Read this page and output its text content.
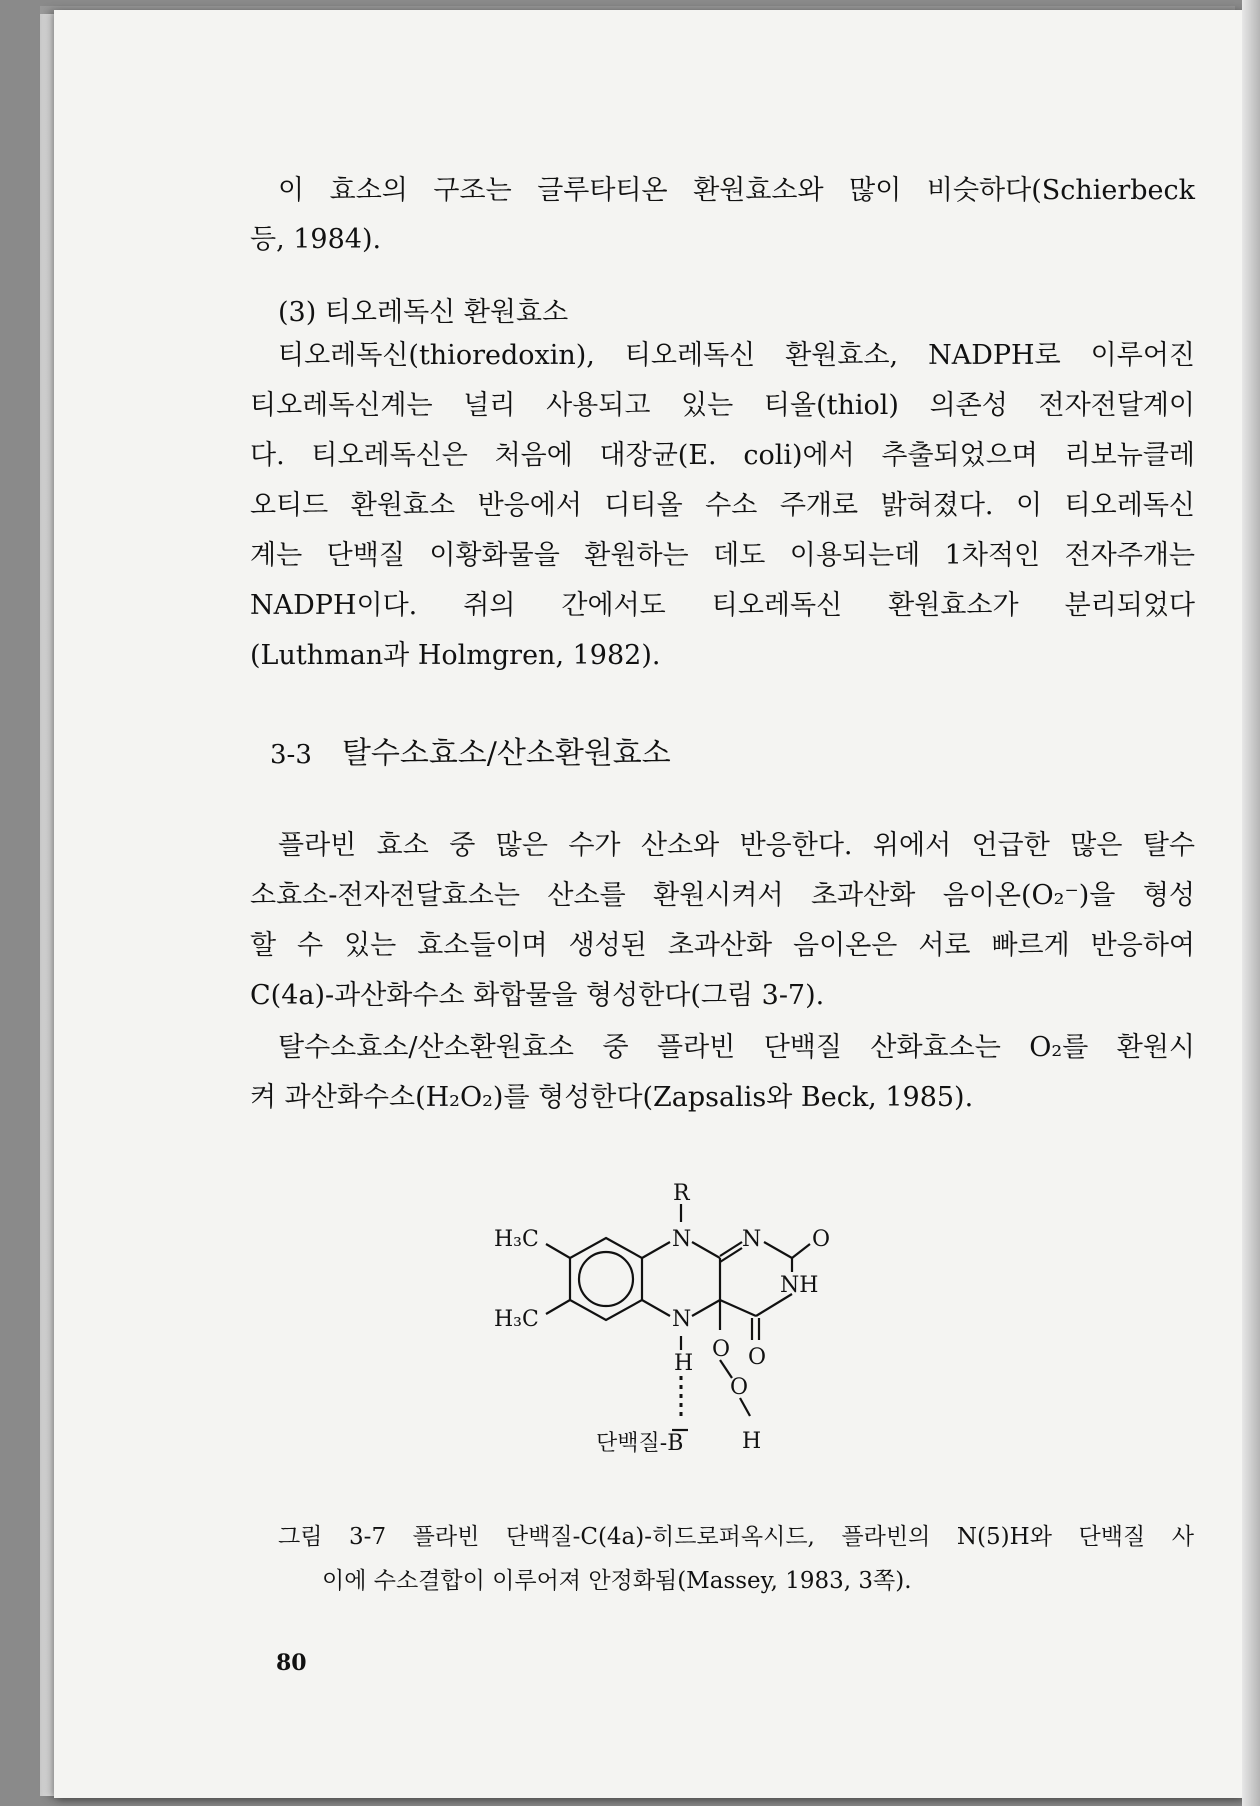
이 효소의 구조는 글루타티온 환원효소와 많이 비슷하다(Schierbeck
등, 1984).
(3) 티오레독신 환원효소
티오레독신(thioredoxin), 티오레독신 환원효소, NADPH로 이루어진
티오레독신계는 널리 사용되고 있는 티올(thiol) 의존성 전자전달계이
다. 티오레독신은 처음에 대장균(E. coli)에서 추출되었으며 리보뉴클레
오티드 환원효소 반응에서 디티올 수소 주개로 밝혀졌다. 이 티오레독신
계는 단백질 이황화물을 환원하는 데도 이용되는데 1차적인 전자주개는
NADPH이다. 쥐의 간에서도 티오레독신 환원효소가 분리되었다
(Luthman과 Holmgren, 1982).
3-3 탈수소효소/산소환원효소
플라빈 효소 중 많은 수가 산소와 반응한다. 위에서 언급한 많은 탈수
소효소-전자전달효소는 산소를 환원시켜서 초과산화 음이온(O₂⁻)을 형성
할 수 있는 효소들이며 생성된 초과산화 음이온은 서로 빠르게 반응하여
C(4a)-과산화수소 화합물을 형성한다(그림 3-7).
탈수소효소/산소환원효소 중 플라빈 단백질 산화효소는 O₂를 환원시
켜 과산화수소(H₂O₂)를 형성한다(Zapsalis와 Beck, 1985).
R
N N O
NH
H₃C
H₃C	N
H
O
O
O
H
단백질-B
그림 3-7 플라빈 단백질-C(4a)-히드로퍼옥시드, 플라빈의 N(5)H와 단백질 사
이에 수소결합이 이루어져 안정화됨(Massey, 1983, 3쪽).
80
